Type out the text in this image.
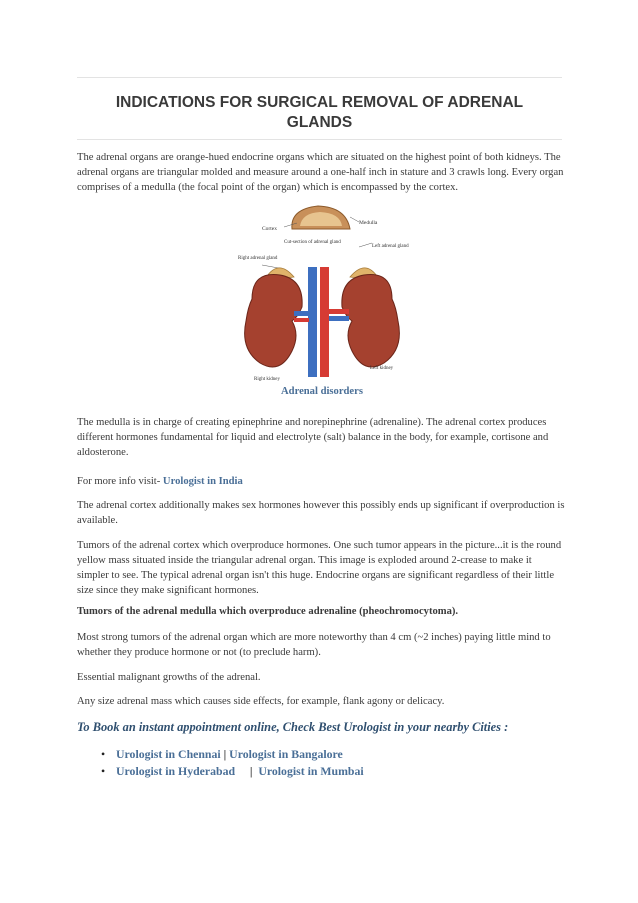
INDICATIONS FOR SURGICAL REMOVAL OF ADRENAL
GLANDS

The adrenal organs are orange-hued endocrine organs which are situated on the highest point of both kidneys. The adrenal organs are triangular molded and measure around a one-half inch in stature and 3 crawls long. Every organ comprises of a medulla (the focal point of the organ) which is encompassed by the cortex.

Cortex
Medulla
Cut-section of adrenal gland
Left adrenal gland
Right adrenal gland
Right kidney
Left kidney
Adrenal disorders

The medulla is in charge of creating epinephrine and norepinephrine (adrenaline). The adrenal cortex produces different hormones fundamental for liquid and electrolyte (salt) balance in the body, for example, cortisone and aldosterone.

For more info visit- Urologist in India

The adrenal cortex additionally makes sex hormones however this possibly ends up significant if overproduction is available.

Tumors of the adrenal cortex which overproduce hormones. One such tumor appears in the picture...it is the round yellow mass situated inside the triangular adrenal organ. This image is exploded around 2-crease to make it simpler to see. The typical adrenal organ isn't this huge. Endocrine organs are significant regardless of their little size since they make significant hormones.

Tumors of the adrenal medulla which overproduce adrenaline (pheochromocytoma).

Most strong tumors of the adrenal organ which are more noteworthy than 4 cm (~2 inches) paying little mind to whether they produce hormone or not (to preclude harm).

Essential malignant growths of the adrenal.

Any size adrenal mass which causes side effects, for example, flank agony or delicacy.

To Book an instant appointment online, Check Best Urologist in your nearby Cities :
• Urologist in Chennai | Urologist in Bangalore
• Urologist in Hyderabad     |  Urologist in Mumbai
